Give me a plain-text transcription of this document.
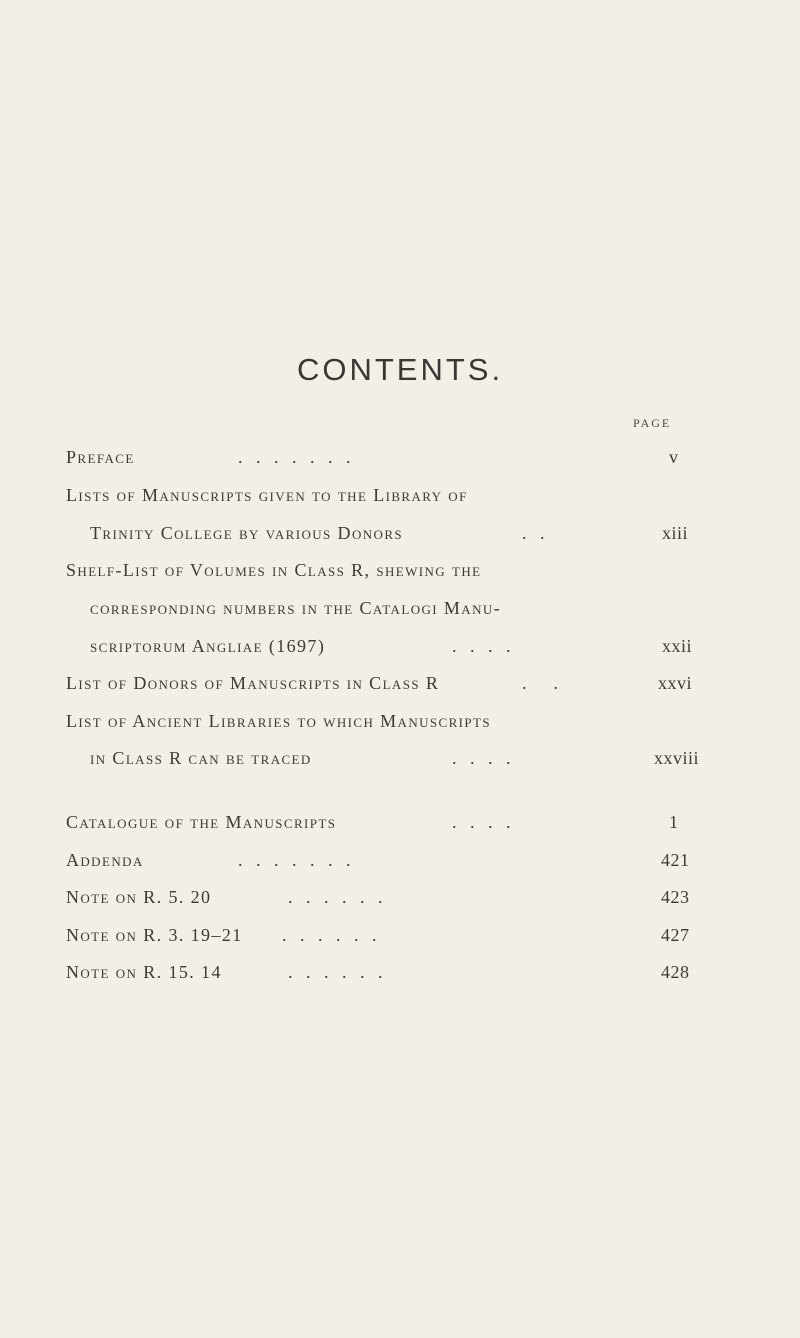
CONTENTS.
PAGE
Preface	.   .   .   .   .   .   .	v
Lists of Manuscripts given to the Library of
Trinity College by various Donors	.   .	xiii
Shelf-List of Volumes in Class R, shewing the
corresponding numbers in the Catalogi Manu-
scriptorum Angliae (1697)	.   .   .   .	xxii
List of Donors of Manuscripts in Class R	.      .	xxvi
List of Ancient Libraries to which Manuscripts
in Class R can be traced	.   .   .   .	xxviii
Catalogue of the Manuscripts	.   .   .   .	1
Addenda	.   .   .   .   .   .   .	421
Note on R. 5. 20	.   .   .   .   .   .	423
Note on R. 3. 19–21 .   .   .   .   .   .	427
Note on R. 15. 14	.   .   .   .   .   .	428
